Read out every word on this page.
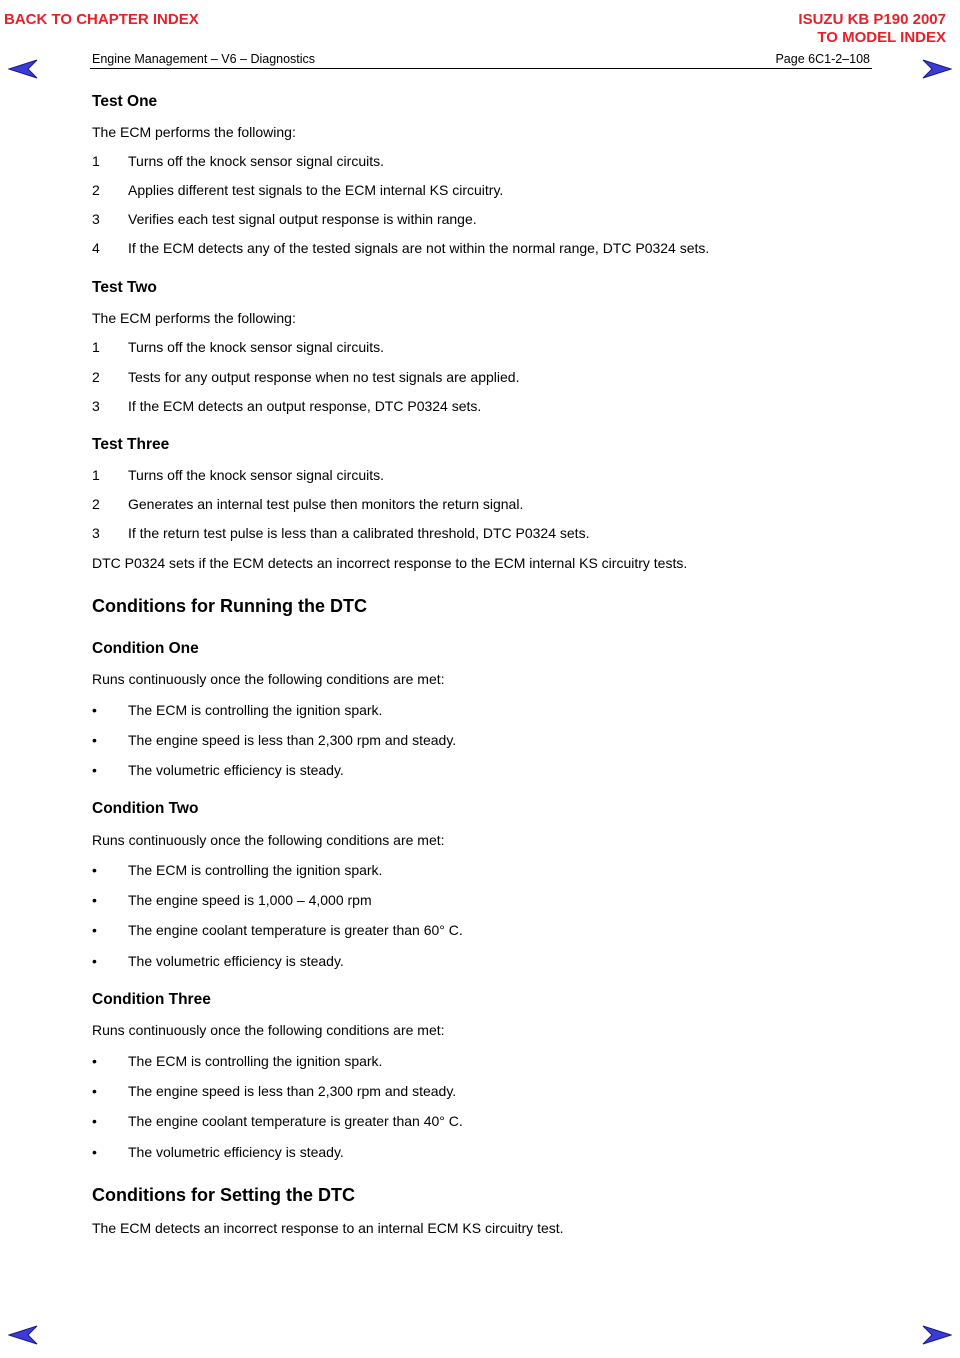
BACK TO CHAPTER INDEX	ISUZU KB P190 2007
TO MODEL INDEX
Engine Management – V6 – Diagnostics	Page 6C1-2–108
Test One
The ECM performs the following:
1 Turns off the knock sensor signal circuits.
2 Applies different test signals to the ECM internal KS circuitry.
3 Verifies each test signal output response is within range.
4 If the ECM detects any of the tested signals are not within the normal range, DTC P0324 sets.
Test Two
The ECM performs the following:
1 Turns off the knock sensor signal circuits.
2 Tests for any output response when no test signals are applied.
3 If the ECM detects an output response, DTC P0324 sets.
Test Three
1 Turns off the knock sensor signal circuits.
2 Generates an internal test pulse then monitors the return signal.
3 If the return test pulse is less than a calibrated threshold, DTC P0324 sets.
DTC P0324 sets if the ECM detects an incorrect response to the ECM internal KS circuitry tests.
Conditions for Running the DTC
Condition One
Runs continuously once the following conditions are met:
• The ECM is controlling the ignition spark.
• The engine speed is less than 2,300 rpm and steady.
• The volumetric efficiency is steady.
Condition Two
Runs continuously once the following conditions are met:
• The ECM is controlling the ignition spark.
• The engine speed is 1,000 – 4,000 rpm
• The engine coolant temperature is greater than 60° C.
• The volumetric efficiency is steady.
Condition Three
Runs continuously once the following conditions are met:
• The ECM is controlling the ignition spark.
• The engine speed is less than 2,300 rpm and steady.
• The engine coolant temperature is greater than 40° C.
• The volumetric efficiency is steady.
Conditions for Setting the DTC
The ECM detects an incorrect response to an internal ECM KS circuitry test.
